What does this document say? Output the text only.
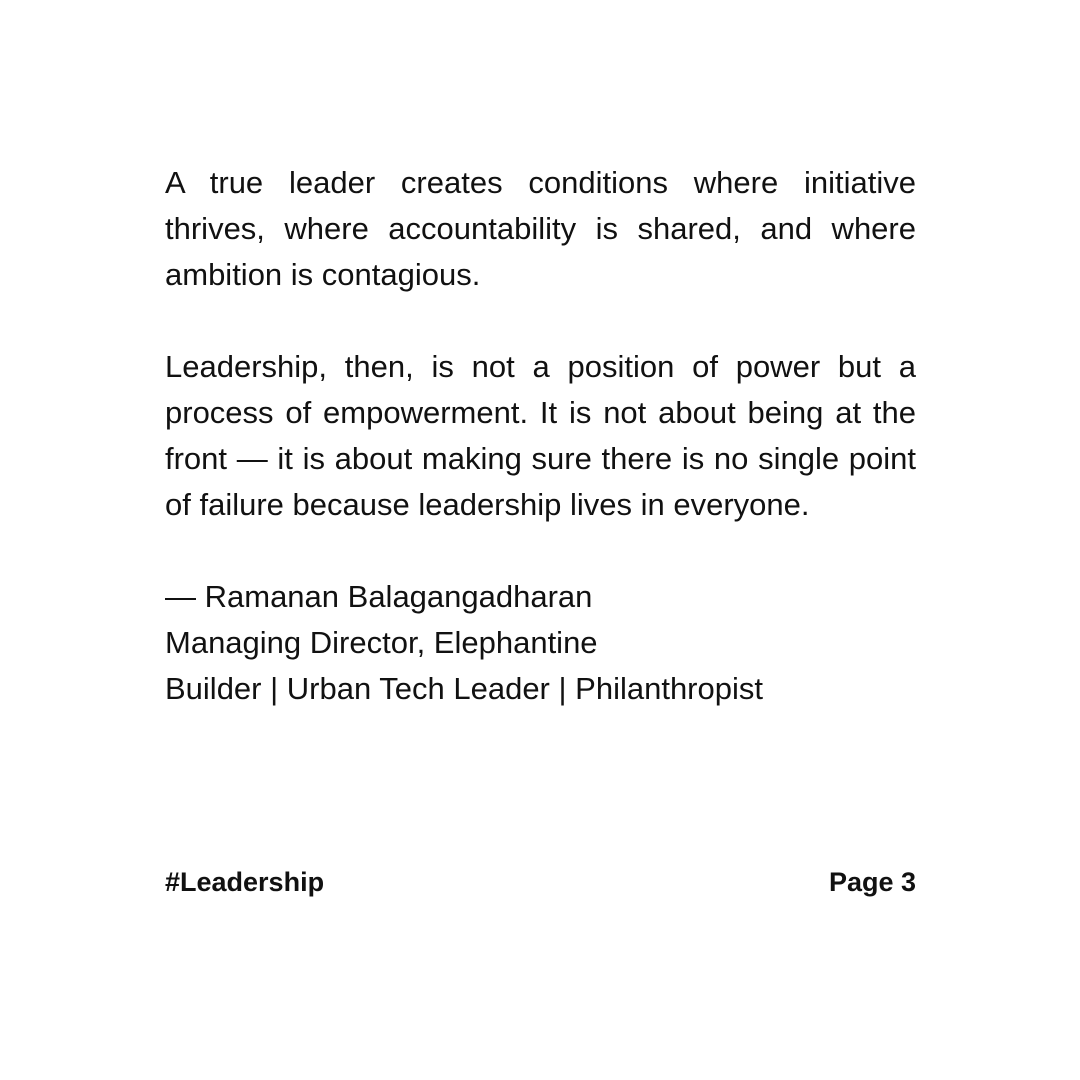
A true leader creates conditions where initiative thrives, where accountability is shared, and where ambition is contagious.

Leadership, then, is not a position of power but a process of empowerment. It is not about being at the front — it is about making sure there is no single point of failure because leadership lives in everyone.

— Ramanan Balagangadharan
Managing Director, Elephantine
Builder | Urban Tech Leader | Philanthropist
#Leadership	Page 3
